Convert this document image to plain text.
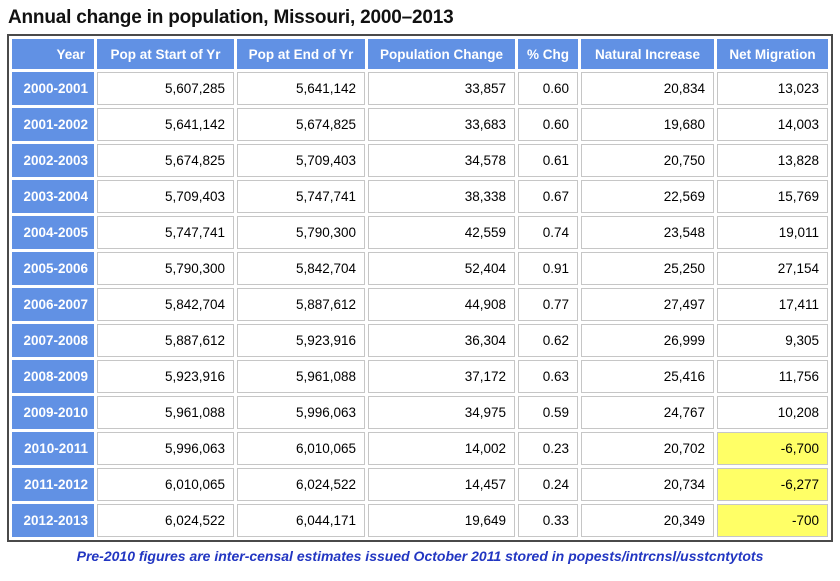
Annual change in population, Missouri, 2000–2013
Year	Pop at Start of Yr	Pop at End of Yr	Population Change	% Chg	Natural Increase	Net Migration
2000-2001	5,607,285	5,641,142	33,857	0.60	20,834	13,023
2001-2002	5,641,142	5,674,825	33,683	0.60	19,680	14,003
2002-2003	5,674,825	5,709,403	34,578	0.61	20,750	13,828
2003-2004	5,709,403	5,747,741	38,338	0.67	22,569	15,769
2004-2005	5,747,741	5,790,300	42,559	0.74	23,548	19,011
2005-2006	5,790,300	5,842,704	52,404	0.91	25,250	27,154
2006-2007	5,842,704	5,887,612	44,908	0.77	27,497	17,411
2007-2008	5,887,612	5,923,916	36,304	0.62	26,999	9,305
2008-2009	5,923,916	5,961,088	37,172	0.63	25,416	11,756
2009-2010	5,961,088	5,996,063	34,975	0.59	24,767	10,208
2010-2011	5,996,063	6,010,065	14,002	0.23	20,702	-6,700
2011-2012	6,010,065	6,024,522	14,457	0.24	20,734	-6,277
2012-2013	6,024,522	6,044,171	19,649	0.33	20,349	-700
Pre-2010 figures are inter-censal estimates issued October 2011 stored in popests/intrcnsl/usstcntytots
